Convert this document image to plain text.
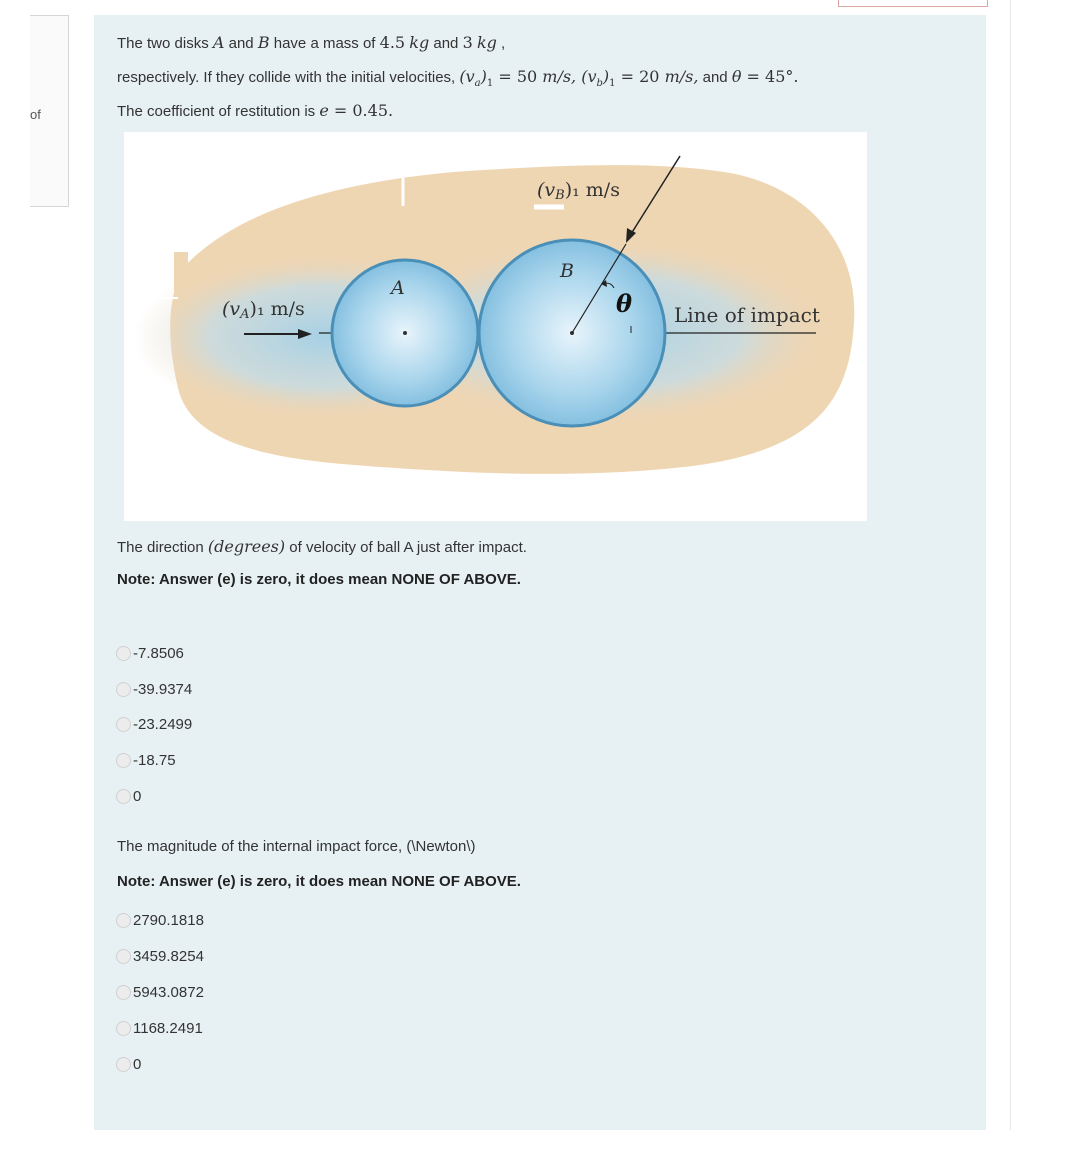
of
The two disks A and B have a mass of 4.5 kg and 3 kg ,
respectively. If they collide with the initial velocities, $(v_a)_1 = 50$ m/s, $(v_b)_1 = 20$ m/s, and θ = 45°.
The coefficient of restitution is e = 0.45.
(vB)₁ m/s
(vA)₁ m/s
A
B
θ Line of impact
The direction (degrees) of velocity of ball A just after impact.
Note: Answer (e) is zero, it does mean NONE OF ABOVE.
-7.8506
-39.9374
-23.2499
-18.75
0
The magnitude of the internal impact force, (\Newton\)
Note: Answer (e) is zero, it does mean NONE OF ABOVE.
2790.1818
3459.8254
5943.0872
1168.2491
0
